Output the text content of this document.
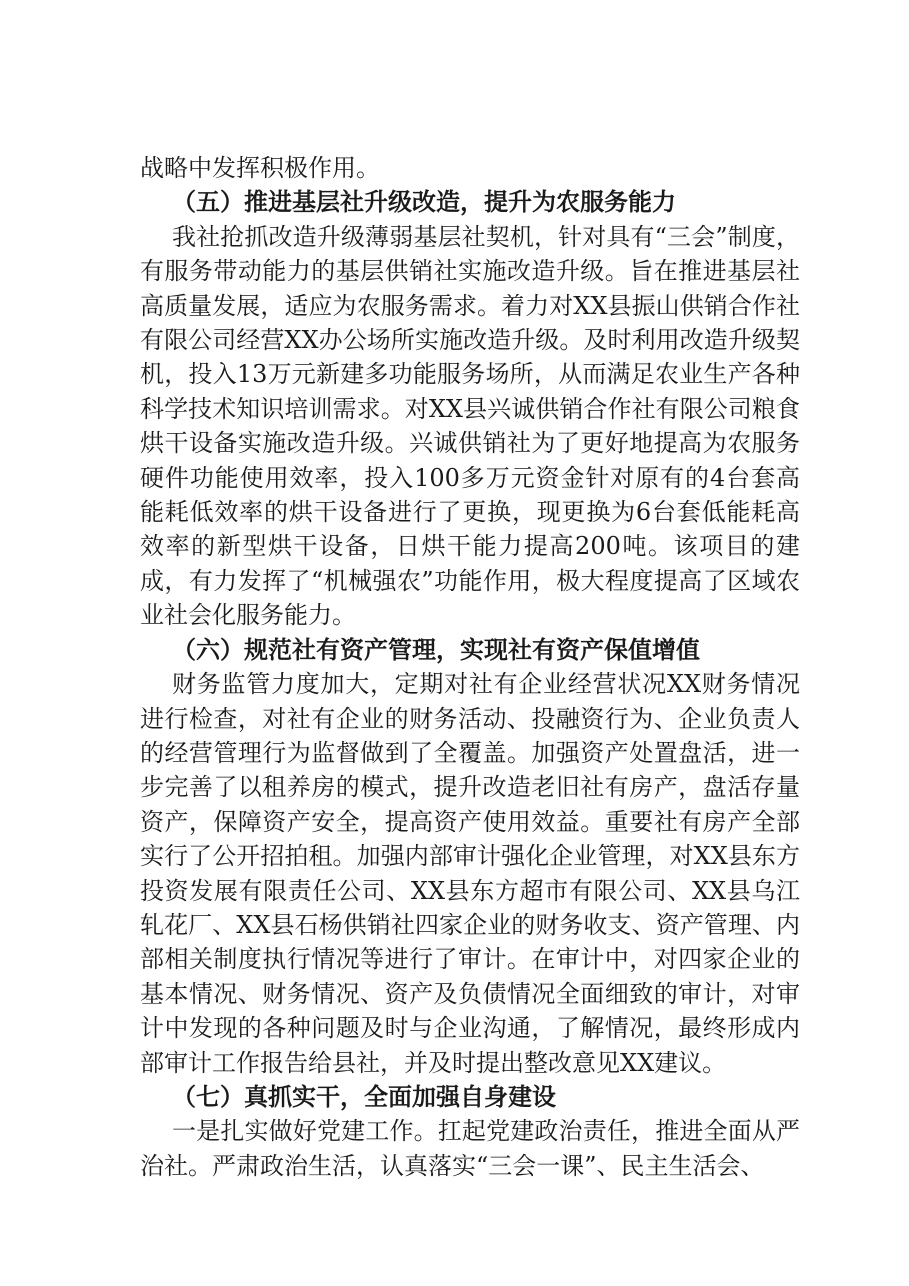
战略中发挥积极作用。

（五）推进基层社升级改造，提升为农服务能力

我社抢抓改造升级薄弱基层社契机，针对具有“三会”制度，有服务带动能力的基层供销社实施改造升级。旨在推进基层社高质量发展，适应为农服务需求。着力对XX县振山供销合作社有限公司经营XX办公场所实施改造升级。及时利用改造升级契机，投入13万元新建多功能服务场所，从而满足农业生产各种科学技术知识培训需求。对XX县兴诚供销合作社有限公司粮食烘干设备实施改造升级。兴诚供销社为了更好地提高为农服务硬件功能使用效率，投入100多万元资金针对原有的4台套高能耗低效率的烘干设备进行了更换，现更换为6台套低能耗高效率的新型烘干设备，日烘干能力提高200吨。该项目的建成，有力发挥了“机械强农”功能作用，极大程度提高了区域农业社会化服务能力。

（六）规范社有资产管理，实现社有资产保值增值

财务监管力度加大，定期对社有企业经营状况XX财务情况进行检查，对社有企业的财务活动、投融资行为、企业负责人的经营管理行为监督做到了全覆盖。加强资产处置盘活，进一步完善了以租养房的模式，提升改造老旧社有房产，盘活存量资产，保障资产安全，提高资产使用效益。重要社有房产全部实行了公开招拍租。加强内部审计强化企业管理，对XX县东方投资发展有限责任公司、XX县东方超市有限公司、XX县乌江轧花厂、XX县石杨供销社四家企业的财务收支、资产管理、内部相关制度执行情况等进行了审计。在审计中，对四家企业的基本情况、财务情况、资产及负债情况全面细致的审计，对审计中发现的各种问题及时与企业沟通，了解情况，最终形成内部审计工作报告给县社，并及时提出整改意见XX建议。

（七）真抓实干，全面加强自身建设

一是扎实做好党建工作。扛起党建政治责任，推进全面从严治社。严肃政治生活，认真落实“三会一课”、民主生活会、
